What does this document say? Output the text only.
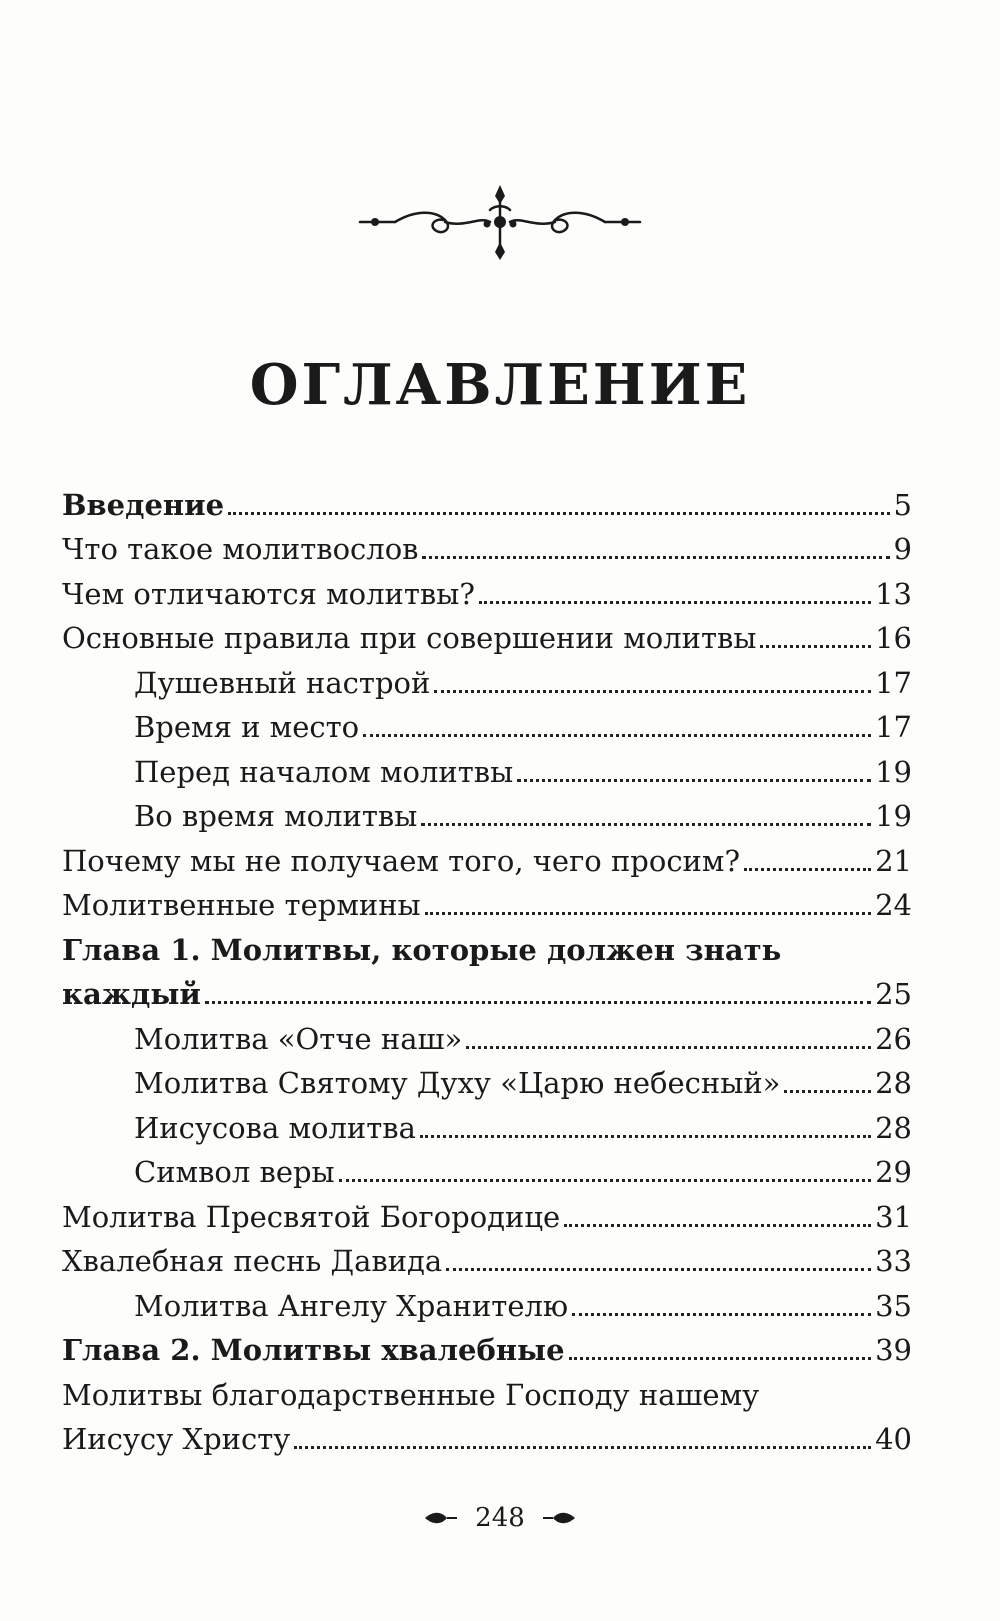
ОГЛАВЛЕНИЕ
Введение	5
Что такое молитвослов	9
Чем отличаются молитвы?	13
Основные правила при совершении молитвы	16
Душевный настрой	17
Время и место	17
Перед началом молитвы	19
Во время молитвы	19
Почему мы не получаем того, чего просим?	21
Молитвенные термины	24
Глава 1. Молитвы, которые должен знать
каждый	25
Молитва «Отче наш»	26
Молитва Святому Духу «Царю небесный»	28
Иисусова молитва	28
Символ веры	29
Молитва Пресвятой Богородице	31
Хвалебная песнь Давида	33
Молитва Ангелу Хранителю	35
Глава 2. Молитвы хвалебные	39
Молитвы благодарственные Господу нашему
Иисусу Христу	40
248
